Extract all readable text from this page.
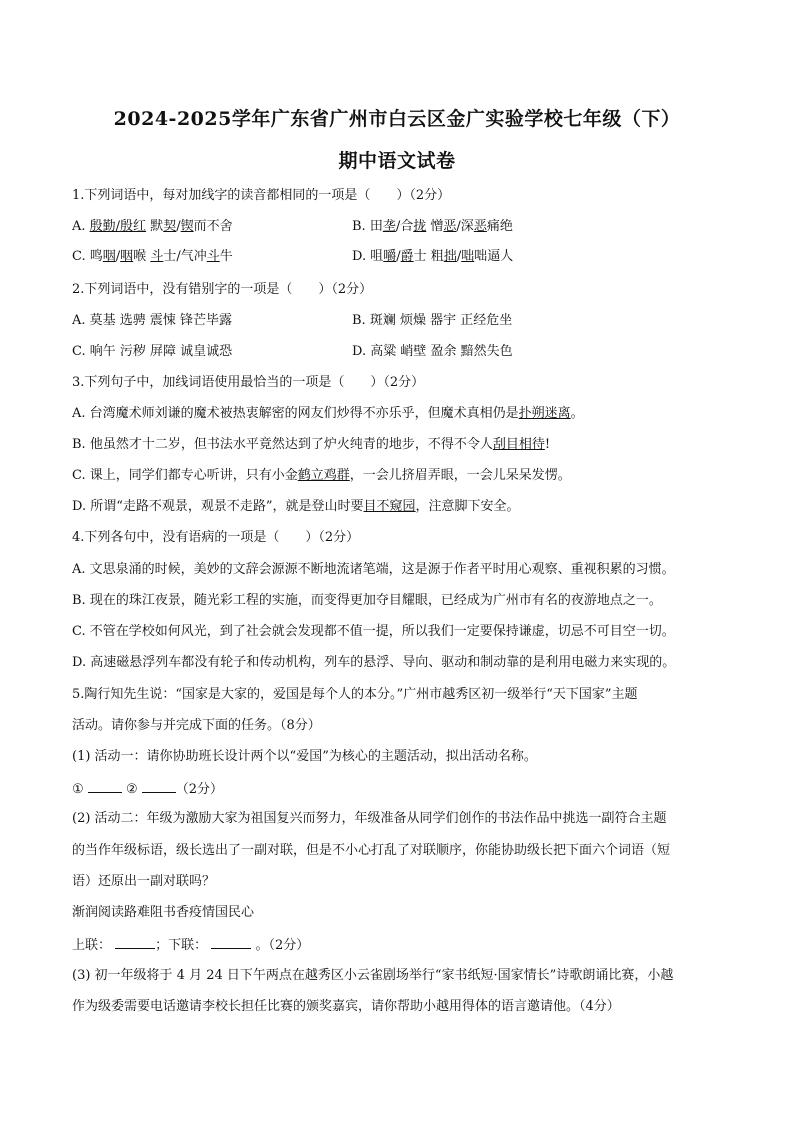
2024-2025学年广东省广州市白云区金广实验学校七年级（下）
期中语文试卷
1.下列词语中，每对加线字的读音都相同的一项是（　　）（2分）
A. 殷勤/殷红 默契/锲而不舍	B. 田垄/合拢 憎恶/深恶痛绝
C. 鸣咽/咽喉 斗士/气冲斗牛	D. 咀嚼/爵士 粗拙/咄咄逼人
2.下列词语中，没有错别字的一项是（　　）（2分）
A. 莫基 选骋 震悚 锋芒毕露	B. 斑斓 烦燥 器宇 正经危坐
C. 响午 污秽 屏障 诚皇诚恐	D. 高粱 峭壁 盈余 黯然失色
3.下列句子中，加线词语使用最恰当的一项是（　　）（2分）
A. 台湾魔术师刘谦的魔术被热衷解密的网友们炒得不亦乐乎，但魔术真相仍是扑朔迷离。
B. 他虽然才十二岁，但书法水平竟然达到了炉火纯青的地步，不得不令人刮目相待!
C. 课上，同学们都专心听讲，只有小金鹤立鸡群，一会儿挤眉弄眼，一会儿呆呆发愣。
D. 所谓“走路不观景，观景不走路”，就是登山时要目不窥园，注意脚下安全。
4.下列各句中，没有语病的一项是（　　）（2分）
A. 文思泉涌的时候，美妙的文辞会源源不断地流诸笔端，这是源于作者平时用心观察、重视积累的习惯。
B. 现在的珠江夜景，随光彩工程的实施，而变得更加夺目耀眼，已经成为广州市有名的夜游地点之一。
C. 不管在学校如何风光，到了社会就会发现都不值一提，所以我们一定要保持谦虚，切忌不可目空一切。
D. 高速磁悬浮列车都没有轮子和传动机构，列车的悬浮、导向、驱动和制动靠的是利用电磁力来实现的。
5.陶行知先生说：“国家是大家的，爱国是每个人的本分。”广州市越秀区初一级举行“天下国家”主题
活动。请你参与并完成下面的任务。（8分）
(1) 活动一：请你协助班长设计两个以“爱国”为核心的主题活动，拟出活动名称。
①	②	（2分）
(2) 活动二：年级为激励大家为祖国复兴而努力，年级准备从同学们创作的书法作品中挑选一副符合主题
的当作年级标语，级长选出了一副对联，但是不小心打乱了对联顺序，你能协助级长把下面六个词语（短
语）还原出一副对联吗？
渐润阅读路难阻书香疫情国民心
上联：	；下联：	。（2分）
(3) 初一年级将于 4 月 24 日下午两点在越秀区小云雀剧场举行“家书纸短·国家情长”诗歌朗诵比赛，小越
作为级委需要电话邀请李校长担任比赛的颁奖嘉宾，请你帮助小越用得体的语言邀请他。（4分）
